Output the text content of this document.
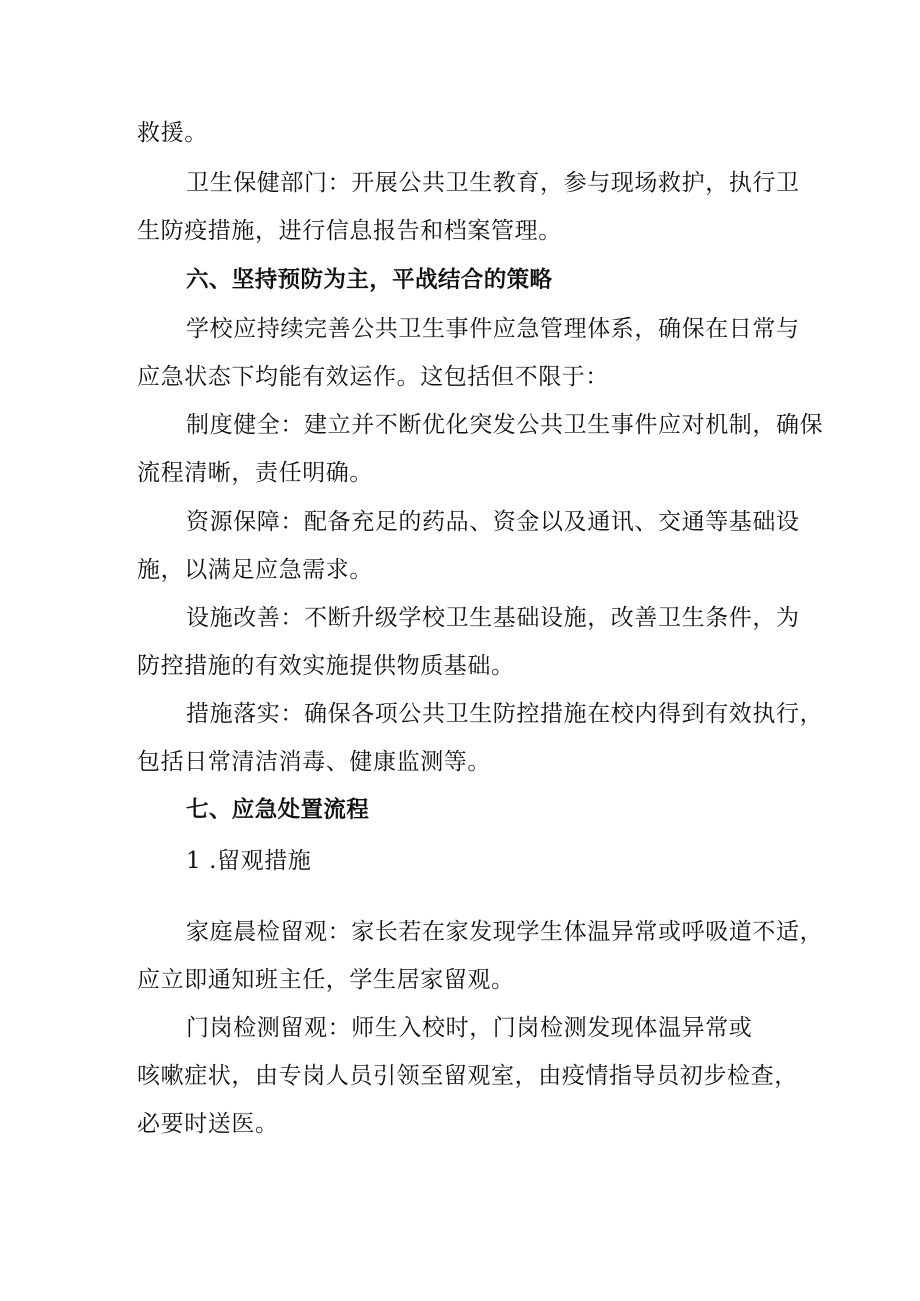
救援。
卫生保健部门：开展公共卫生教育，参与现场救护，执行卫
生防疫措施，进行信息报告和档案管理。
六、坚持预防为主，平战结合的策略
学校应持续完善公共卫生事件应急管理体系，确保在日常与
应急状态下均能有效运作。这包括但不限于：
制度健全：建立并不断优化突发公共卫生事件应对机制，确保
流程清晰，责任明确。
资源保障：配备充足的药品、资金以及通讯、交通等基础设
施，以满足应急需求。
设施改善：不断升级学校卫生基础设施，改善卫生条件，为
防控措施的有效实施提供物质基础。
措施落实：确保各项公共卫生防控措施在校内得到有效执行，
包括日常清洁消毒、健康监测等。
七、应急处置流程
1 .留观措施
家庭晨检留观：家长若在家发现学生体温异常或呼吸道不适，
应立即通知班主任，学生居家留观。
门岗检测留观：师生入校时，门岗检测发现体温异常或
咳嗽症状，由专岗人员引领至留观室，由疫情指导员初步检查，
必要时送医。
